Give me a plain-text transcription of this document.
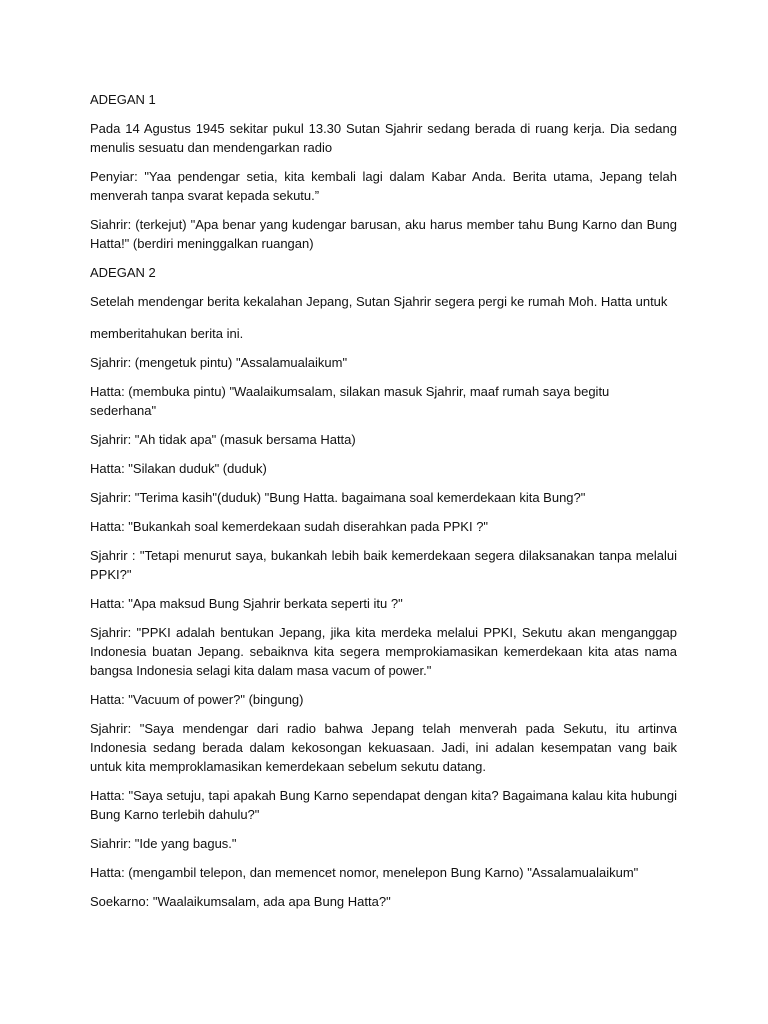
ADEGAN 1

Pada 14 Agustus 1945 sekitar pukul 13.30 Sutan Sjahrir sedang berada di ruang kerja. Dia sedang menulis sesuatu dan mendengarkan radio

Penyiar: "Yaa pendengar setia, kita kembali lagi dalam Kabar Anda. Berita utama, Jepang telah menverah tanpa svarat kepada sekutu.”

Siahrir: (terkejut) "Apa benar yang kudengar barusan, aku harus member tahu Bung Karno dan Bung Hatta!" (berdiri meninggalkan ruangan)

ADEGAN 2

Setelah mendengar berita kekalahan Jepang, Sutan Sjahrir segera pergi ke rumah Moh. Hatta untuk

memberitahukan berita ini.

Sjahrir: (mengetuk pintu) "Assalamualaikum"

Hatta: (membuka pintu) "Waalaikumsalam, silakan masuk Sjahrir, maaf rumah saya begitu sederhana"

Sjahrir: "Ah tidak apa" (masuk bersama Hatta)

Hatta: "Silakan duduk" (duduk)

Sjahrir: "Terima kasih"(duduk) "Bung Hatta. bagaimana soal kemerdekaan kita Bung?"

Hatta: "Bukankah soal kemerdekaan sudah diserahkan pada PPKI ?"

Sjahrir : "Tetapi menurut saya, bukankah lebih baik kemerdekaan segera dilaksanakan tanpa melalui PPKI?"

Hatta: "Apa maksud Bung Sjahrir berkata seperti itu ?"

Sjahrir: "PPKI adalah bentukan Jepang, jika kita merdeka melalui PPKI, Sekutu akan menganggap Indonesia buatan Jepang. sebaiknva kita segera memprokiamasikan kemerdekaan kita atas nama bangsa Indonesia selagi kita dalam masa vacum of power."

Hatta: "Vacuum of power?" (bingung)

Sjahrir: "Saya mendengar dari radio bahwa Jepang telah menverah pada Sekutu, itu artinva Indonesia sedang berada dalam kekosongan kekuasaan. Jadi, ini adalan kesempatan vang baik untuk kita memproklamasikan kemerdekaan sebelum sekutu datang.

Hatta: "Saya setuju, tapi apakah Bung Karno sependapat dengan kita? Bagaimana kalau kita hubungi Bung Karno terlebih dahulu?"

Siahrir: "Ide yang bagus."

Hatta: (mengambil telepon, dan memencet nomor, menelepon Bung Karno) "Assalamualaikum"

Soekarno: "Waalaikumsalam, ada apa Bung Hatta?"
